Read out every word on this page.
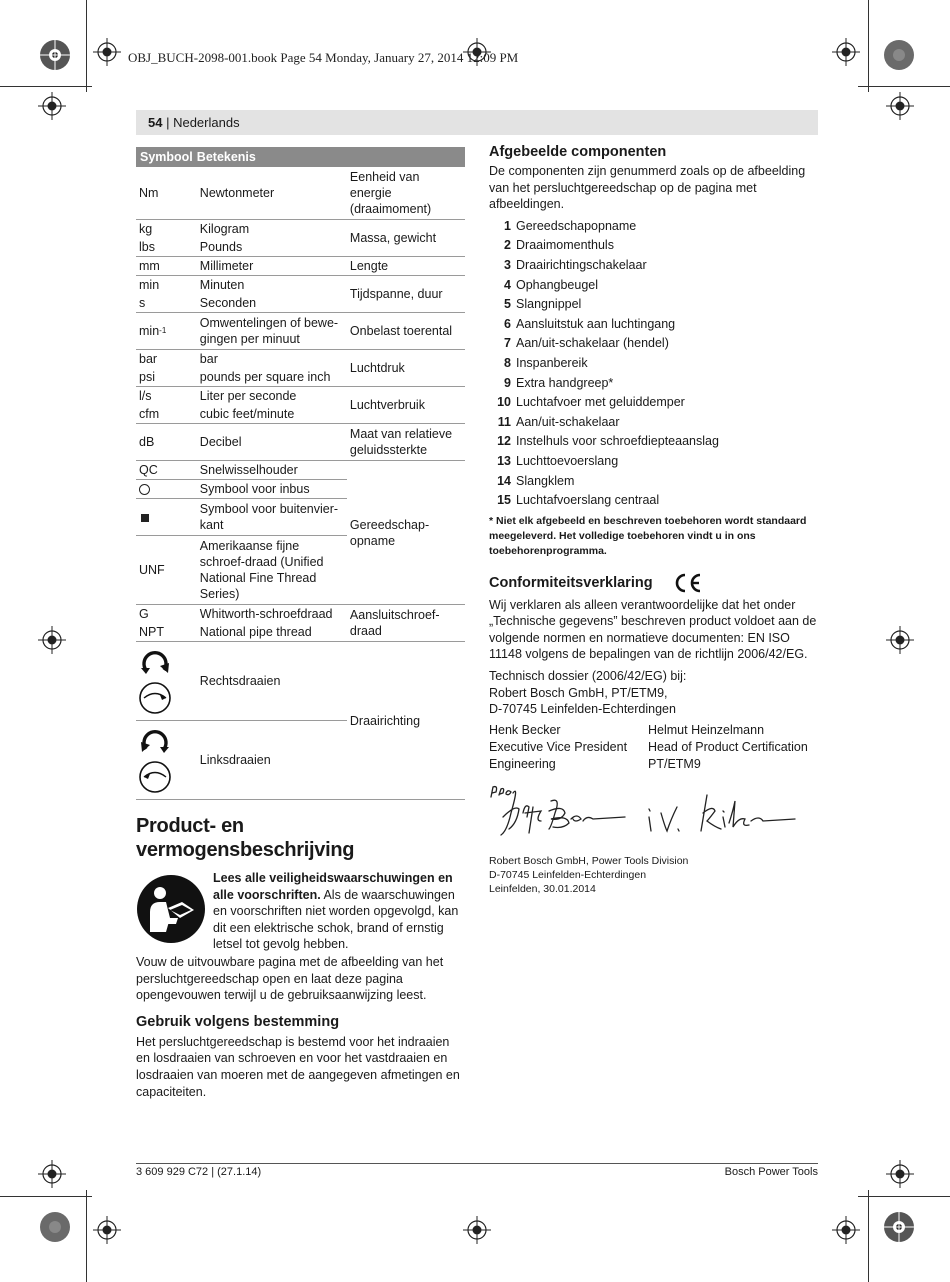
OBJ_BUCH-2098-001.book Page 54 Monday, January 27, 2014 12:09 PM
54 | Nederlands
Symbool	Betekenis	
Nm	Newtonmeter	Eenheid van energie (draaimoment)
kg	Kilogram	Massa, gewicht
lbs	Pounds	
mm	Millimeter	Lengte
min	Minuten	Tijdspanne, duur
s	Seconden	
$\min^{-1}$	Omwentelingen of bewe-gingen per minuut	Onbelast toerental
bar	bar	Luchtdruk
psi	pounds per square inch	
l/s	Liter per seconde	Luchtverbruik
cfm	cubic feet/minute	
dB	Decibel	Maat van relatieve geluidssterkte
QC	Snelwisselhouder	Gereedschap-opname
	Symbool voor inbus	
	Symbool voor buitenvier-kant	
UNF	Amerikaanse fijne schroef-draad (Unified National Fine Thread Series)	
G	Whitworth-schroefdraad	Aansluitschroef-draad
NPT	National pipe thread	

	Rechtsdraaien	Draairichting

	Linksdraaien	
Product- en vermogensbeschrijving

Lees alle veiligheidswaarschuwingen en alle voorschriften. Als de waarschuwingen en voorschriften niet worden opgevolgd, kan dit een elektrische schok, brand of ernstig letsel tot gevolg hebben.

Vouw de uitvouwbare pagina met de afbeelding van het persluchtgereedschap open en laat deze pagina opengevouwen terwijl u de gebruiksaanwijzing leest.

Gebruik volgens bestemming

Het persluchtgereedschap is bestemd voor het indraaien en losdraaien van schroeven en voor het vastdraaien en losdraaien van moeren met de aangegeven afmetingen en capaciteiten.

Afgebeelde componenten

De componenten zijn genummerd zoals op de afbeelding van het persluchtgereedschap op de pagina met afbeeldingen.

1 Gereedschapopname
2 Draaimomenthuls
3 Draairichtingschakelaar
4 Ophangbeugel
5 Slangnippel
6 Aansluitstuk aan luchtingang
7 Aan/uit-schakelaar (hendel)
8 Inspanbereik
9 Extra handgreep*
10 Luchtafvoer met geluiddemper
11 Aan/uit-schakelaar
12 Instelhuls voor schroefdiepteaanslag
13 Luchttoevoerslang
14 Slangklem
15 Luchtafvoerslang centraal

* Niet elk afgebeeld en beschreven toebehoren wordt standaard meegeleverd. Het volledige toebehoren vindt u in ons toebehorenprogramma.

Conformiteitsverklaring

Wij verklaren als alleen verantwoordelijke dat het onder „Technische gegevens” beschreven product voldoet aan de volgende normen en normatieve documenten: EN ISO 11148 volgens de bepalingen van de richtlijn 2006/42/EG.

Technisch dossier (2006/42/EG) bij:

Robert Bosch GmbH, PT/ETM9,

D-70745 Leinfelden-Echterdingen

Henk Becker
Executive Vice President
Engineering
Helmut Heinzelmann
Head of Product Certification
PT/ETM9

Robert Bosch GmbH, Power Tools Division

D-70745 Leinfelden-Echterdingen

Leinfelden, 30.01.2014

3 609 929 C72 | (27.1.14)	Bosch Power Tools
